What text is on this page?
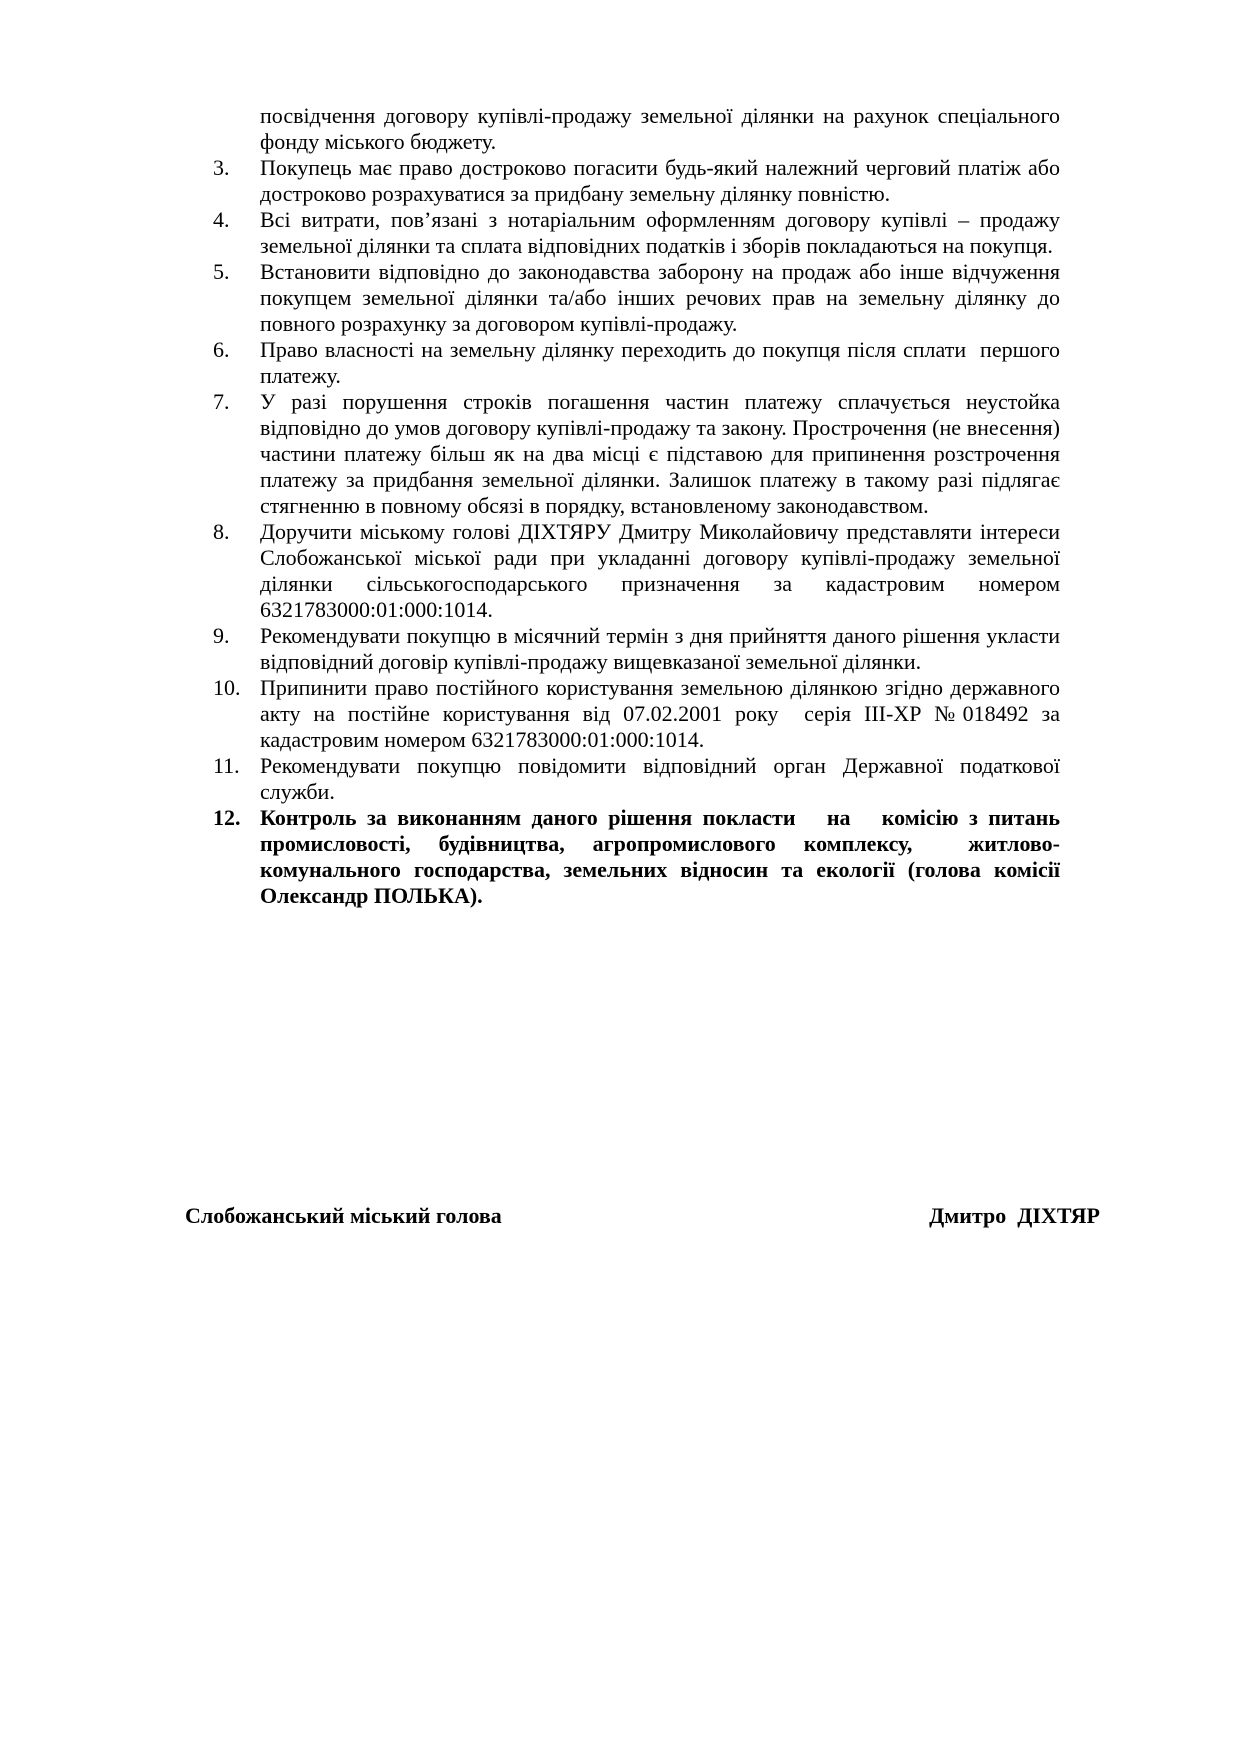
посвідчення договору купівлі-продажу земельної ділянки на рахунок спеціального фонду міського бюджету.

3. Покупець має право достроково погасити будь-який належний черговий платіж або достроково розрахуватися за придбану земельну ділянку повністю.
4. Всі витрати, пов’язані з нотаріальним оформленням договору купівлі – продажу земельної ділянки та сплата відповідних податків і зборів покладаються на покупця.
5. Встановити відповідно до законодавства заборону на продаж або інше відчуження покупцем земельної ділянки та/або інших речових прав на земельну ділянку до повного розрахунку за договором купівлі-продажу.
6. Право власності на земельну ділянку переходить до покупця після сплати  першого платежу.
7. У разі порушення строків погашення частин платежу сплачується неустойка відповідно до умов договору купівлі-продажу та закону. Прострочення (не внесення) частини платежу більш як на два місці є підставою для припинення розстрочення платежу за придбання земельної ділянки. Залишок платежу в такому разі підлягає стягненню в повному обсязі в порядку, встановленому законодавством.
8. Доручити міському голові ДІХТЯРУ Дмитру Миколайовичу представляти інтереси Слобожанської міської ради при укладанні договору купівлі-продажу земельної ділянки сільськогосподарського призначення за кадастровим номером 6321783000:01:000:1014.
9. Рекомендувати покупцю в місячний термін з дня прийняття даного рішення укласти відповідний договір купівлі-продажу вищевказаної земельної ділянки.
10. Припинити право постійного користування земельною ділянкою згідно державного акту на постійне користування від 07.02.2001 року  серія ІІІ-ХР №018492 за кадастровим номером 6321783000:01:000:1014.
11. Рекомендувати покупцю повідомити відповідний орган Державної податкової служби.
12. Контроль за виконанням даного рішення покласти   на   комісію з питань промисловості, будівництва, агропромислового комплексу,  житлово-комунального господарства, земельних відносин та екології (голова комісії  Олександр ПОЛЬКА).
Слобожанський міський голова	Дмитро  ДІХТЯР
